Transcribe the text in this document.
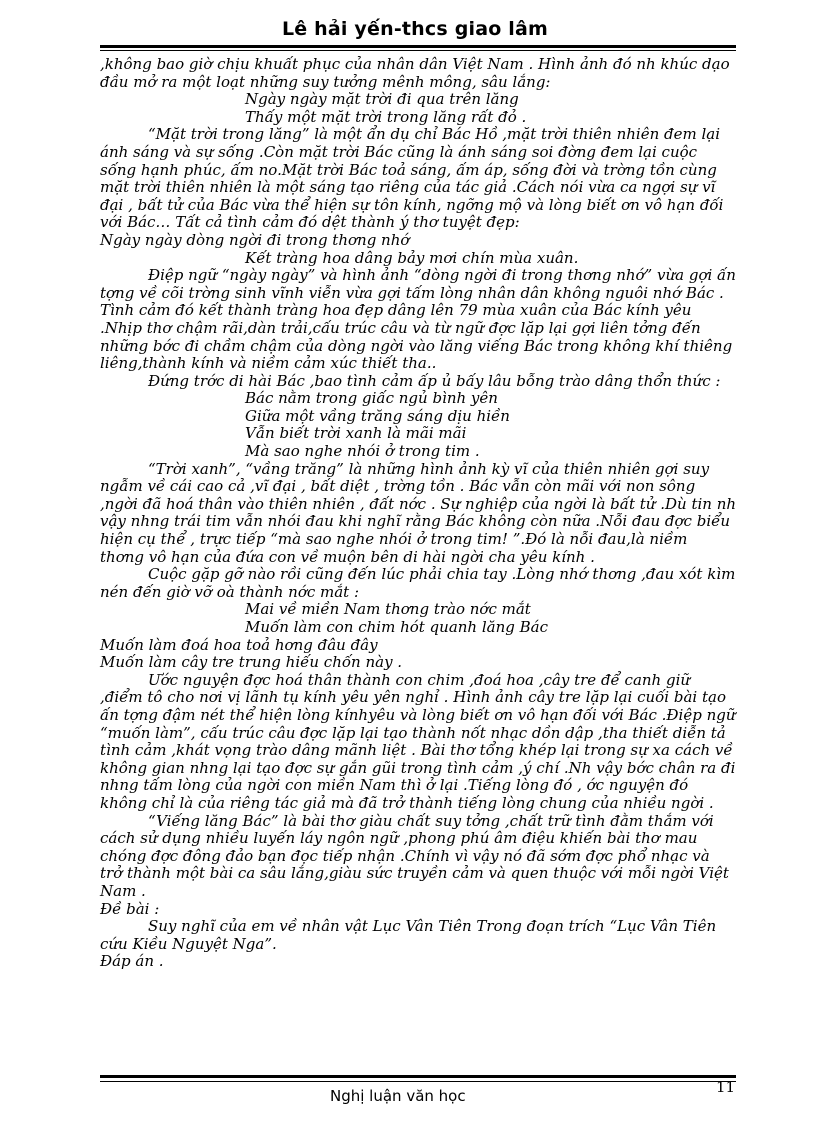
Lê hải yến-thcs giao lâm

,không bao giờ chịu khuất phục của nhân dân Việt Nam . Hình ảnh đó nh khúc dạo đầu mở ra một loạt những suy tưởng mênh mông, sâu lắng:

Ngày ngày mặt trời đi qua trên lăng

Thấy một mặt trời trong lăng rất đỏ .

“Mặt trời trong lăng” là một ẩn dụ chỉ Bác Hồ ,mặt trời thiên nhiên đem lại ánh sáng và sự sống .Còn mặt trời Bác cũng là ánh sáng soi đờng đem lại cuộc sống hạnh phúc, ấm no.Mặt trời Bác toả sáng, ấm áp, sống đời và trờng tồn cùng mặt trời thiên nhiên là một sáng tạo riêng của tác giả .Cách nói vừa ca ngợi sự vĩ đại , bất tử của Bác vừa thể hiện sự tôn kính, ngỡng mộ và lòng biết ơn vô hạn đối với Bác… Tất cả tình cảm đó dệt thành ý thơ tuyệt đẹp:

Ngày ngày dòng ngời đi trong thơng nhớ

Kết tràng hoa dâng bảy mơi chín mùa xuân.

Điệp ngữ “ngày ngày” và hình ảnh “dòng ngời đi trong thơng nhớ” vừa gợi ấn tợng về cõi trờng sinh vĩnh viễn vừa gợi tấm lòng nhân dân không nguôi nhớ Bác . Tình cảm đó kết thành tràng hoa đẹp dâng lên 79 mùa xuân của Bác kính yêu .Nhịp thơ chậm rãi,dàn trải,cấu trúc câu và từ ngữ đợc lặp lại gợi liên tởng đến những bớc đi chầm chậm của dòng ngời vào lăng viếng Bác trong không khí thiêng liêng,thành kính và niềm cảm xúc thiết tha..

Đứng trớc di hài Bác ,bao tình cảm ấp ủ bấy lâu bỗng trào dâng thổn thức :

Bác nằm trong giấc ngủ bình yên

Giữa một vầng trăng sáng dịu hiền

Vẫn biết trời xanh là mãi mãi

Mà sao nghe nhói ở trong tim .

“Trời xanh”, “vầng trăng” là những hình ảnh kỳ vĩ của thiên nhiên gợi suy ngẫm về cái cao cả ,vĩ đại , bất diệt , trờng tồn . Bác vẫn còn mãi với non sông ,ngời đã hoá thân vào thiên nhiên , đất nớc . Sự nghiệp của ngời là bất tử .Dù tin nh vậy nhng trái tim vẫn nhói đau khi nghĩ rằng Bác không còn nữa .Nỗi đau đợc biểu hiện cụ thể , trực tiếp “mà sao nghe nhói ở trong tim! ”.Đó là nỗi đau,là niềm thơng vô hạn của đứa con về muộn bên di hài ngời cha yêu kính .

Cuộc gặp gỡ nào rồi cũng đến lúc phải chia tay .Lòng nhớ thơng ,đau xót kìm nén đến giờ vỡ oà thành nớc mắt :

Mai về miền Nam thơng trào nớc mắt

Muốn làm con chim hót quanh lăng Bác

Muốn làm đoá hoa toả hơng đâu đây

Muốn làm cây tre trung hiếu chốn này .

Ước nguyện đợc hoá thân thành con chim ,đoá hoa ,cây tre để canh giữ ,điểm tô cho nơi vị lãnh tụ kính yêu yên nghỉ . Hình ảnh cây tre lặp lại cuối bài tạo ấn tợng đậm nét thể hiện lòng kínhyêu và lòng biết ơn vô hạn đối với Bác .Điệp ngữ “muốn làm”, cấu trúc câu đợc lặp lại tạo thành nốt nhạc dồn dập ,tha thiết diễn tả tình cảm ,khát vọng trào dâng mãnh liệt . Bài thơ tổng khép lại trong sự xa cách về không gian nhng lại tạo đợc sự gắn gũi trong tình cảm ,ý chí .Nh vậy bớc chân ra đi nhng tấm lòng của ngời con miền Nam thì ở lại .Tiếng lòng đó , ớc nguyện đó không chỉ là của riêng tác giả mà đã trở thành tiếng lòng chung của nhiều ngời .

“Viếng lăng Bác” là bài thơ giàu chất suy tởng ,chất trữ tình đằm thắm với cách sử dụng nhiều luyến láy ngôn ngữ ,phong phú âm điệu khiến bài thơ mau chóng đợc đông đảo bạn đọc tiếp nhận .Chính vì vậy nó đã sớm đợc phổ nhạc và trở thành một bài ca sâu lắng,giàu sức truyền cảm và quen thuộc với mỗi ngời Việt Nam .

Đề bài :

Suy nghĩ của em về nhân vật Lục Vân Tiên Trong đoạn trích “Lục Vân Tiên cứu Kiều Nguyệt Nga”.

Đáp án .

Nghị luận văn học	11
